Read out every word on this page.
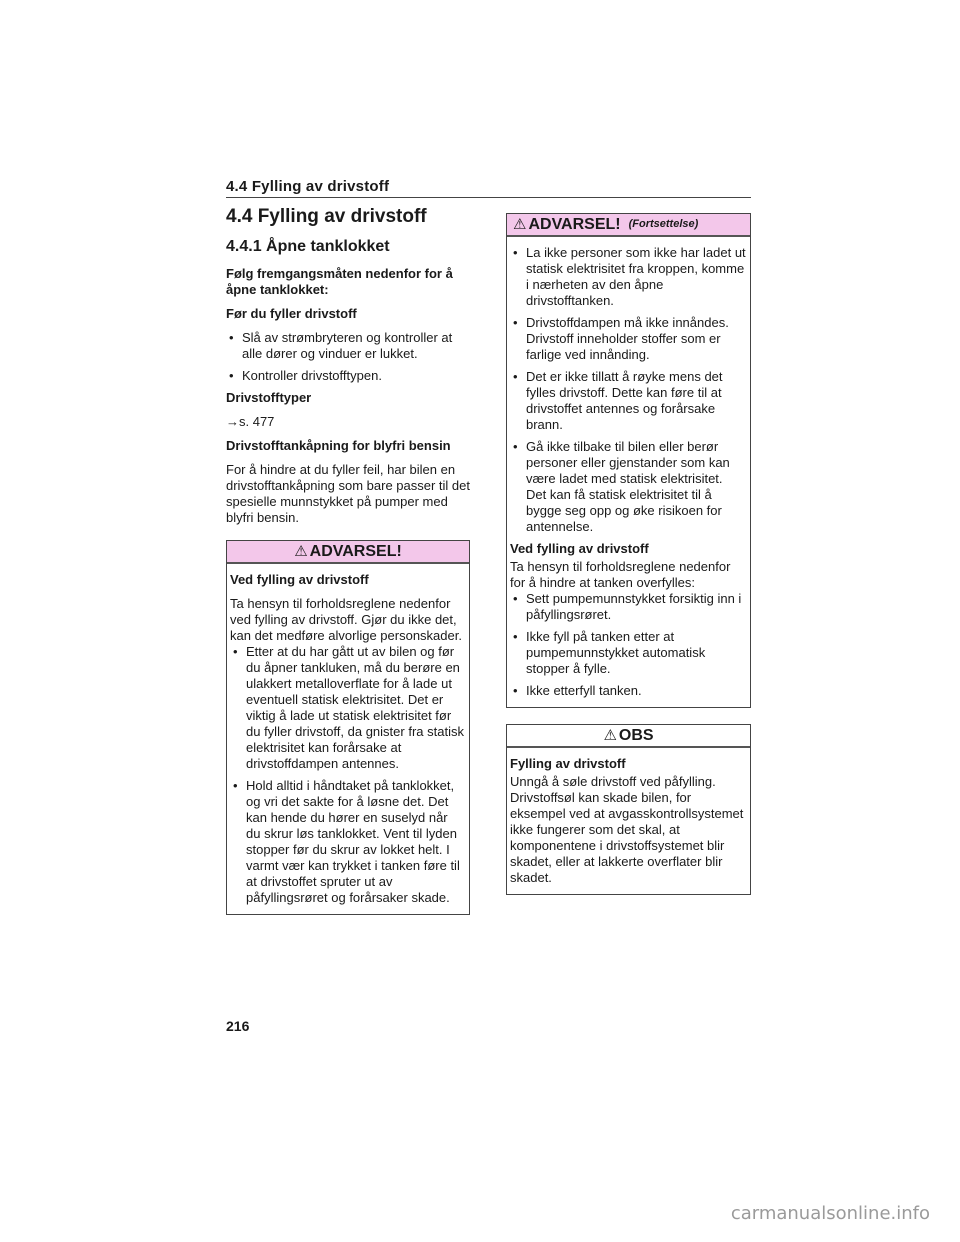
4.4 Fylling av drivstoff
4.4 Fylling av drivstoff
4.4.1 Åpne tanklokket

Følg fremgangsmåten nedenfor for å åpne tanklokket:

Før du fyller drivstoff

• Slå av strømbryteren og kontroller at alle dører og vinduer er lukket.
• Kontroller drivstofftypen.

Drivstofftyper

→s. 477

Drivstofftankåpning for blyfri bensin

For å hindre at du fyller feil, har bilen en drivstofftankåpning som bare passer til det spesielle munnstykket på pumper med blyfri bensin.

⚠ ADVARSEL!

Ved fylling av drivstoff

Ta hensyn til forholdsreglene nedenfor ved fylling av drivstoff. Gjør du ikke det, kan det medføre alvorlige personskader.

• Etter at du har gått ut av bilen og før du åpner tankluken, må du berøre en ulakkert metalloverflate for å lade ut eventuell statisk elektrisitet. Det er viktig å lade ut statisk elektrisitet før du fyller drivstoff, da gnister fra statisk elektrisitet kan forårsake at drivstoffdampen antennes.
• Hold alltid i håndtaket på tanklokket, og vri det sakte for å løsne det. Det kan hende du hører en suselyd når du skrur løs tanklokket. Vent til lyden stopper før du skrur av lokket helt. I varmt vær kan trykket i tanken føre til at drivstoffet spruter ut av påfyllingsrøret og forårsaker skade.
⚠ ADVARSEL! (Fortsettelse)
• La ikke personer som ikke har ladet ut statisk elektrisitet fra kroppen, komme i nærheten av den åpne drivstofftanken.
• Drivstoffdampen må ikke innåndes. Drivstoff inneholder stoffer som er farlige ved innånding.
• Det er ikke tillatt å røyke mens det fylles drivstoff. Dette kan føre til at drivstoffet antennes og forårsake brann.
• Gå ikke tilbake til bilen eller berør personer eller gjenstander som kan være ladet med statisk elektrisitet. Det kan få statisk elektrisitet til å bygge seg opp og øke risikoen for antennelse.

Ved fylling av drivstoff

Ta hensyn til forholdsreglene nedenfor for å hindre at tanken overfylles:

• Sett pumpemunnstykket forsiktig inn i påfyllingsrøret.
• Ikke fyll på tanken etter at pumpemunnstykket automatisk stopper å fylle.
• Ikke etterfyll tanken.
⚠ OBS

Fylling av drivstoff

Unngå å søle drivstoff ved påfylling. Drivstoffsøl kan skade bilen, for eksempel ved at avgasskontrollsystemet ikke fungerer som det skal, at komponentene i drivstoffsystemet blir skadet, eller at lakkerte overflater blir skadet.

216
carmanualsonline.info
